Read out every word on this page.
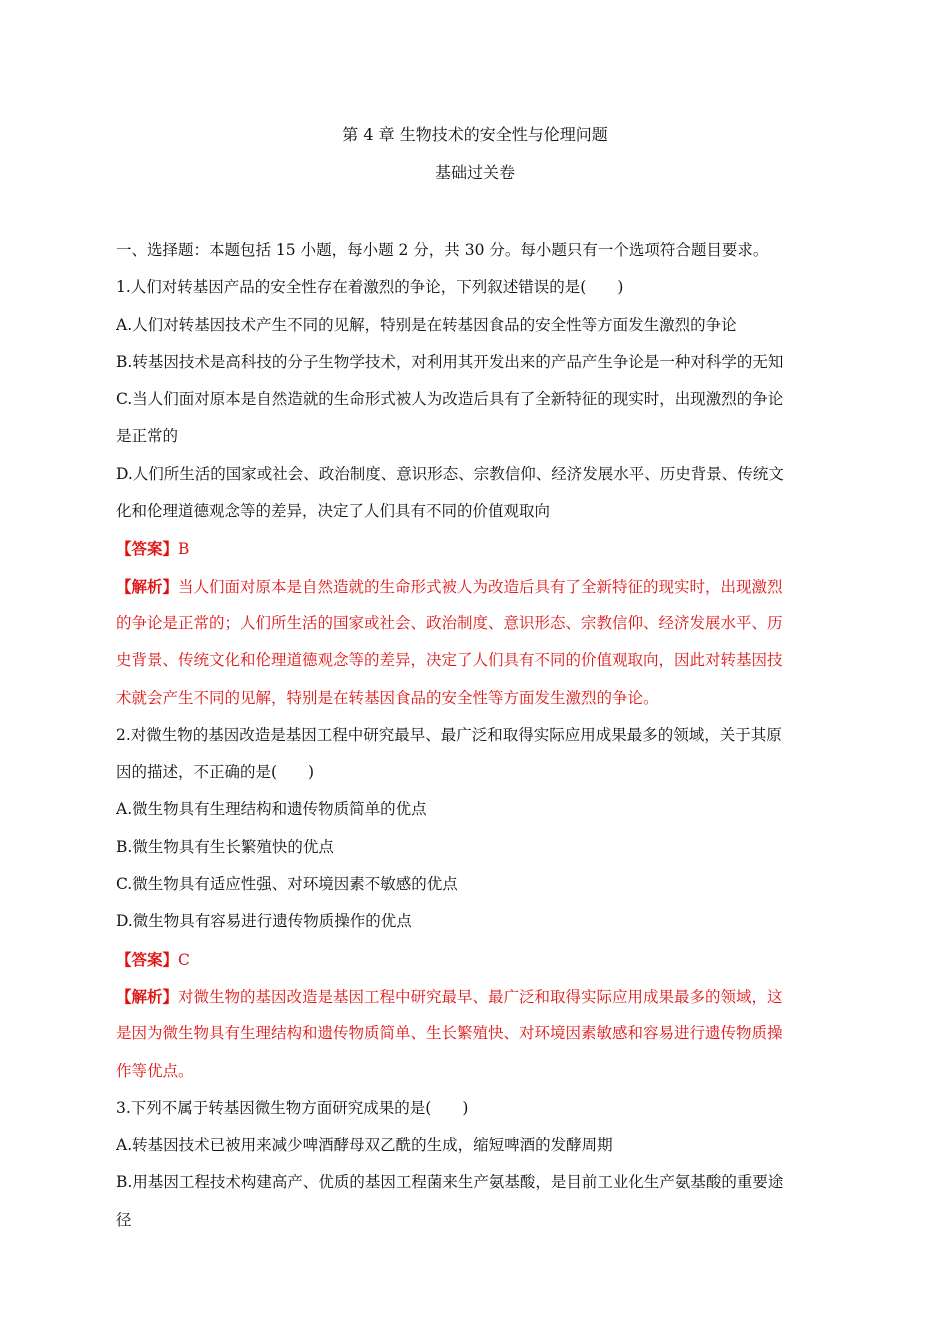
第 4 章 生物技术的安全性与伦理问题
基础过关卷
一、选择题：本题包括 15 小题，每小题 2 分，共 30 分。每小题只有一个选项符合题目要求。
1.人们对转基因产品的安全性存在着激烈的争论，下列叙述错误的是(　　)
A.人们对转基因技术产生不同的见解，特别是在转基因食品的安全性等方面发生激烈的争论
B.转基因技术是高科技的分子生物学技术，对利用其开发出来的产品产生争论是一种对科学的无知
C.当人们面对原本是自然造就的生命形式被人为改造后具有了全新特征的现实时，出现激烈的争论
是正常的
D.人们所生活的国家或社会、政治制度、意识形态、宗教信仰、经济发展水平、历史背景、传统文
化和伦理道德观念等的差异，决定了人们具有不同的价值观取向
【答案】B
【解析】当人们面对原本是自然造就的生命形式被人为改造后具有了全新特征的现实时，出现激烈
的争论是正常的；人们所生活的国家或社会、政治制度、意识形态、宗教信仰、经济发展水平、历
史背景、传统文化和伦理道德观念等的差异，决定了人们具有不同的价值观取向，因此对转基因技
术就会产生不同的见解，特别是在转基因食品的安全性等方面发生激烈的争论。
2.对微生物的基因改造是基因工程中研究最早、最广泛和取得实际应用成果最多的领域，关于其原
因的描述，不正确的是(　　)
A.微生物具有生理结构和遗传物质简单的优点
B.微生物具有生长繁殖快的优点
C.微生物具有适应性强、对环境因素不敏感的优点
D.微生物具有容易进行遗传物质操作的优点
【答案】C
【解析】对微生物的基因改造是基因工程中研究最早、最广泛和取得实际应用成果最多的领域，这
是因为微生物具有生理结构和遗传物质简单、生长繁殖快、对环境因素敏感和容易进行遗传物质操
作等优点。
3.下列不属于转基因微生物方面研究成果的是(　　)
A.转基因技术已被用来减少啤酒酵母双乙酰的生成，缩短啤酒的发酵周期
B.用基因工程技术构建高产、优质的基因工程菌来生产氨基酸，是目前工业化生产氨基酸的重要途
径
